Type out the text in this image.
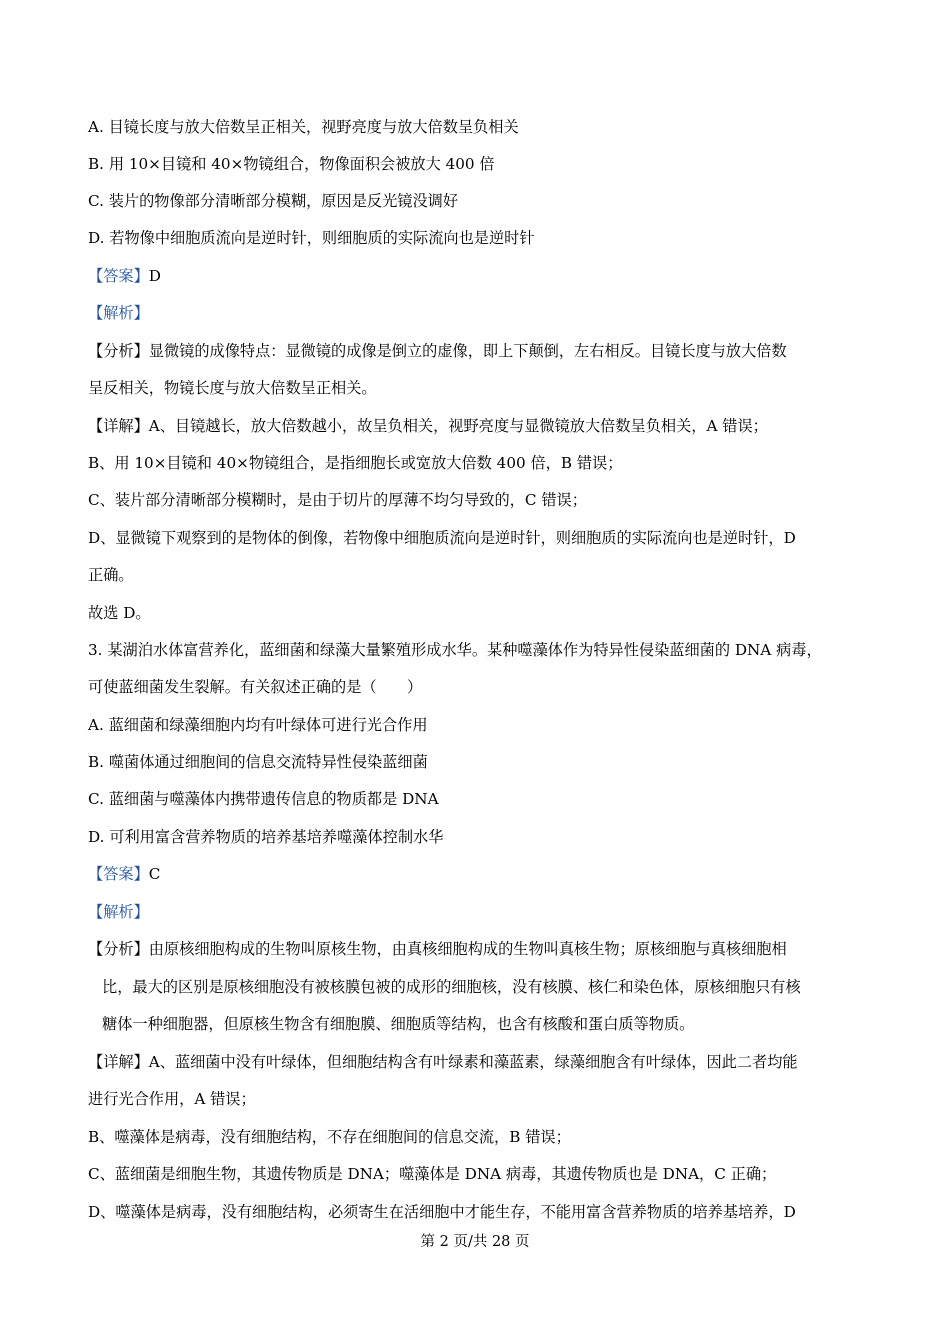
A. 目镜长度与放大倍数呈正相关，视野亮度与放大倍数呈负相关
B. 用 10×目镜和 40×物镜组合，物像面积会被放大 400 倍
C. 装片的物像部分清晰部分模糊，原因是反光镜没调好
D. 若物像中细胞质流向是逆时针，则细胞质的实际流向也是逆时针
【答案】D
【解析】
【分析】显微镜的成像特点：显微镜的成像是倒立的虚像，即上下颠倒，左右相反。目镜长度与放大倍数
呈反相关，物镜长度与放大倍数呈正相关。
【详解】A、目镜越长，放大倍数越小，故呈负相关，视野亮度与显微镜放大倍数呈负相关，A 错误；
B、用 10×目镜和 40×物镜组合，是指细胞长或宽放大倍数 400 倍，B 错误；
C、装片部分清晰部分模糊时，是由于切片的厚薄不均匀导致的，C 错误；
D、显微镜下观察到的是物体的倒像，若物像中细胞质流向是逆时针，则细胞质的实际流向也是逆时针，D
正确。
故选 D。
3. 某湖泊水体富营养化，蓝细菌和绿藻大量繁殖形成水华。某种噬藻体作为特异性侵染蓝细菌的 DNA 病毒，
可使蓝细菌发生裂解。有关叙述正确的是（　　）
A. 蓝细菌和绿藻细胞内均有叶绿体可进行光合作用
B. 噬菌体通过细胞间的信息交流特异性侵染蓝细菌
C. 蓝细菌与噬藻体内携带遗传信息的物质都是 DNA
D. 可利用富含营养物质的培养基培养噬藻体控制水华
【答案】C
【解析】
【分析】由原核细胞构成的生物叫原核生物，由真核细胞构成的生物叫真核生物；原核细胞与真核细胞相
比，最大的区别是原核细胞没有被核膜包被的成形的细胞核，没有核膜、核仁和染色体，原核细胞只有核
糖体一种细胞器，但原核生物含有细胞膜、细胞质等结构，也含有核酸和蛋白质等物质。
【详解】A、蓝细菌中没有叶绿体，但细胞结构含有叶绿素和藻蓝素，绿藻细胞含有叶绿体，因此二者均能
进行光合作用，A 错误；
B、噬藻体是病毒，没有细胞结构，不存在细胞间的信息交流，B 错误；
C、蓝细菌是细胞生物，其遗传物质是 DNA；噬藻体是 DNA 病毒，其遗传物质也是 DNA，C 正确；
D、噬藻体是病毒，没有细胞结构，必须寄生在活细胞中才能生存，不能用富含营养物质的培养基培养，D
第 2 页/共 28 页
